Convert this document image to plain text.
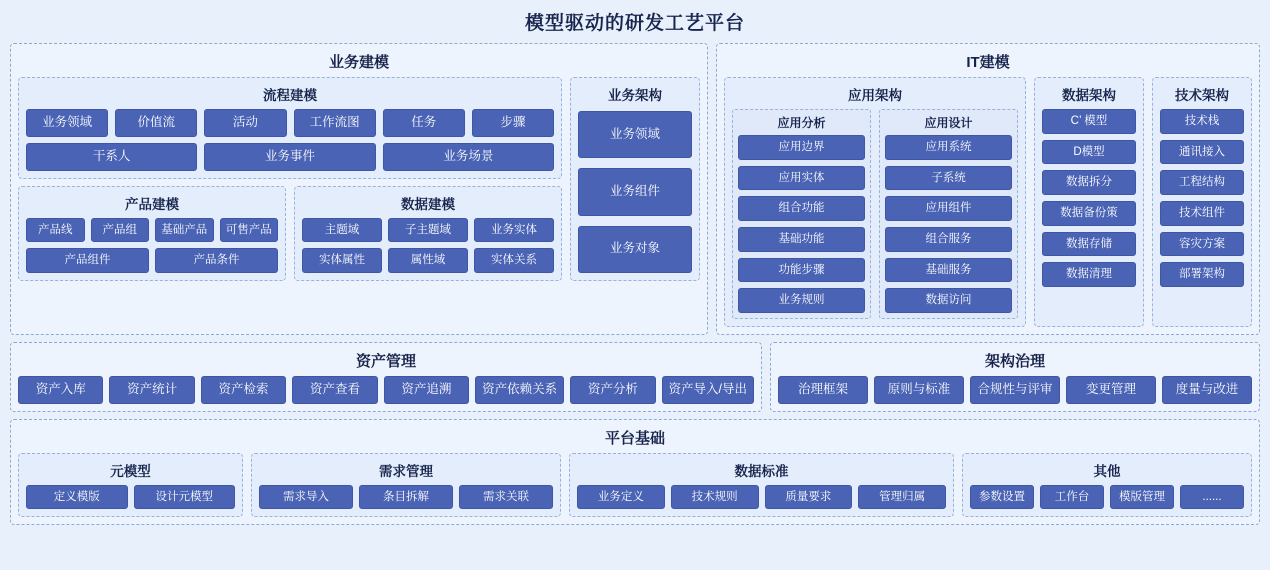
模型驱动的研发工艺平台
业务建模
流程建模
业务领域	价值流	活动	工作流图	任务	步骤
干系人	业务事件	业务场景
产品建模
产品线	产品组	基础产品	可售产品
产品组件	产品条件
数据建模
主题域	子主题域	业务实体
实体属性	属性域	实体关系
业务架构
业务领域
业务组件
业务对象
IT建模
应用架构
应用分析
应用边界
应用实体
组合功能
基础功能
功能步骤
业务规则
应用设计
应用系统
子系统
应用组件
组合服务
基础服务
数据访问
数据架构
C’ 模型
D模型
数据拆分
数据备份策
数据存储
数据清理
技术架构
技术栈
通讯接入
工程结构
技术组件
容灾方案
部署架构
资产管理
资产入库	资产统计	资产检索	资产查看	资产追溯	资产依赖关系	资产分析	资产导入/导出
架构治理
治理框架	原则与标准	合规性与评审	变更管理	度量与改进
平台基础
元模型
定义模版	设计元模型
需求管理
需求导入	条目拆解	需求关联
数据标准
业务定义	技术规则	质量要求	管理归属
其他
参数设置	工作台	模版管理	......
